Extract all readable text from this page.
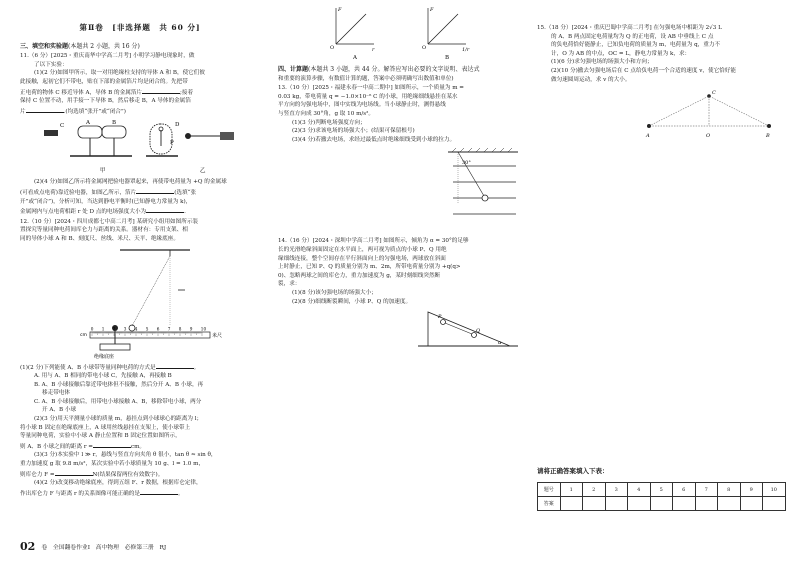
第Ⅱ卷　[非选择题　共 60 分]
三、填空和实验题(本题共 2 小题，共 16 分)

11.（6 分）[2025・重庆南华中学高二月考] 小明学习静电现象时，做

了以下实验：

(1)(2 分)如图甲所示，取一对用绝缘柱支持的导体 A 和 B，使它们彼

此接触，起初它们不带电，贴在下部的金属箔片均是闭合的。先把带

正电荷的物体 C 移近导体 A，导体 B 的金属箔片	;接着

保持 C 位置不动，用手接一下导体 B，然后移走 B，A 导体的金属箔

片	.(均选填“张开”或“闭合”)

C	A	B
甲
D
P
乙

(2)(4 分)如图乙所示将金属网把验电器罩起来，再使带电荷量为 +Q 的金属球

(可看成点电荷)靠近验电器，如图乙所示，箔片	(选填“张

开”或“闭合”)，分析可知，当达到静电平衡时(已知静电力常量为 k)，

金属网内与点电荷相距 r 处 D 点的电场强度大小为	.

12.（10 分）[2024・四川成都七中高二月考] 某研究小组用如图所示装

置探究等量同种电荷间库仑力与距离的关系。器材有：专用支架、相

同的导体小球 A 和 B、刻度尺、丝线、米尺、天平、绝缘底座。

0 1 2 3 4 5 6 7 8 9 10
cm	米尺
绝缘底座

(1)(2 分)下列能使 A、B 小球带等量同种电荷的方式是	。

A. 用与 A、B 相同的带电小球 C，先接触 A，再接触 B

B. A、B 小球接触后靠近带电体但不接触，然后分开 A、B 小球，再

移走带电体

C. A、B 小球接触后，用带电小球接触 A、B，移除带电小球，两分

开 A、B 小球

(2)(3 分)用天平测量小球的质量 m，悬挂点到小球球心的距离为 l；

将小球 B 固定在绝缘底座上，A 球用丝线悬挂在支架上，使小球带上

等量同种电荷，实验中小球 A 静止位置和 B 固定位置如图所示，

则 A、B 小球之间的距离 r =	cm。

(3)(3 分)本实验中 l ≫ r，悬线与竖直方向夹角 θ 很小，tan θ ≈ sin θ，

重力加速度 g 取 9.8 m/s²，某次实验中若小球质量为 10 g、l = 1.0 m，

则库仑力 F =	N(结果保留两位有效数字)。

(4)(2 分)改变移动绝缘底座，得到五组 F、r 数据，根据库仑定律，

作出库仑力 F 与距离 r 的关系图像可能正确的是	。

F
O	r
A
F
O	1/r
B
四、计算题(本题共 3 小题，共 44 分。解答应写出必要的文字说明、表达式

和重要的演算步骤，有数值计算的题，答案中必须明确写出数值和单位)

13.（10 分）[2025・福建永春一中高二期中] 如图所示，一个质量为 m =

0.03 kg，带电荷量 q = −1.0×10⁻⁶ C 的小球，用绝缘细线悬挂在某水

平方向的匀强电场中，图中实线为电场线。当小球静止时，测得悬线

与竖直方向成 30°角，g 取 10 m/s²。

(1)(3 分)判断电场强度方向；

(2)(3 分)求该电场的场强大小；(结果可保留根号)

(3)(4 分)若撤去电场，求经过最低点时绝缘细线受到小球的拉力。

30°

14.（16 分）[2024・深圳中学高二月考] 如图所示，倾角为 α = 30°的足够

长的光滑绝缘斜面固定在水平面上，两可视为质点的小球 P、Q 用绝

缘细线连接，整个空间存在平行斜面向上的匀强电场，两球放在斜面

上时静止，已知 P、Q 的质量分别为 m、2m，所带电荷量分别为 +q(q>

0)、忽略两球之间的库仑力，重力加速度为 g，某时刻细线突然断

裂，求：

(1)(8 分)该匀强电场的场强大小；

(2)(8 分)细线断裂瞬间，小球 P、Q 的加速度。

P
Q
α

15.（18 分）[2024・重庆巴蜀中学高二月考] 在匀强电场中相距为 2√3 L

的 A、B 两点固定电荷量均为 Q 的正电荷，设 AB 中垂线上 C 点

的负电荷恰好能静止，已知负电荷的质量为 m，电荷量为 q，重力不

计，O 为 AB 的中点，OC = L，静电力常量为 k，求：

(1)(6 分)求匀强电场的场强大小和方向；

(2)(10 分)撤去匀强电场后在 C 点给负电荷一个合适的速度 v，使它恰好能

做匀速圆周运动，求 v 的大小。

C
A	O	B
请将正确答案填入下表：
题号	1	2	3	4	5	6	7	8	9	10
答案										
02 卷　全国翻卷作业Ⅰ　高中物理　必修第三册　RJ
